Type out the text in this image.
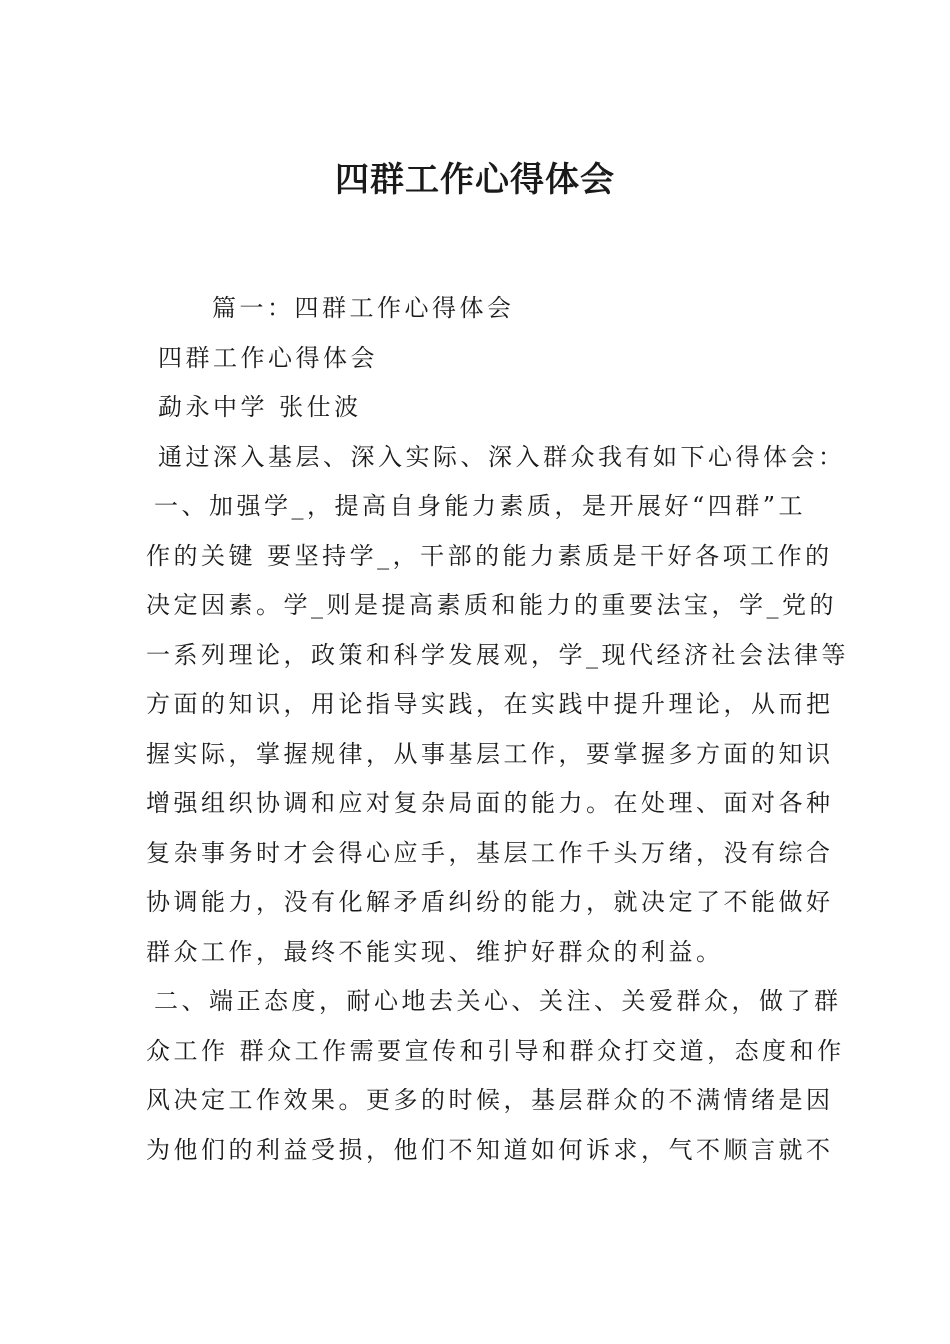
四群工作心得体会

篇一：四群工作心得体会

四群工作心得体会

勐永中学 张仕波

通过深入基层、深入实际、深入群众我有如下心得体会：

一、加强学_，提高自身能力素质，是开展好“四群”工

作的关键 要坚持学_，干部的能力素质是干好各项工作的

决定因素。学_则是提高素质和能力的重要法宝，学_党的

一系列理论，政策和科学发展观，学_现代经济社会法律等

方面的知识，用论指导实践，在实践中提升理论，从而把

握实际，掌握规律，从事基层工作，要掌握多方面的知识

增强组织协调和应对复杂局面的能力。在处理、面对各种

复杂事务时才会得心应手，基层工作千头万绪，没有综合

协调能力，没有化解矛盾纠纷的能力，就决定了不能做好

群众工作，最终不能实现、维护好群众的利益。

二、端正态度，耐心地去关心、关注、关爱群众，做了群

众工作 群众工作需要宣传和引导和群众打交道，态度和作

风决定工作效果。更多的时候，基层群众的不满情绪是因

为他们的利益受损，他们不知道如何诉求，气不顺言就不
